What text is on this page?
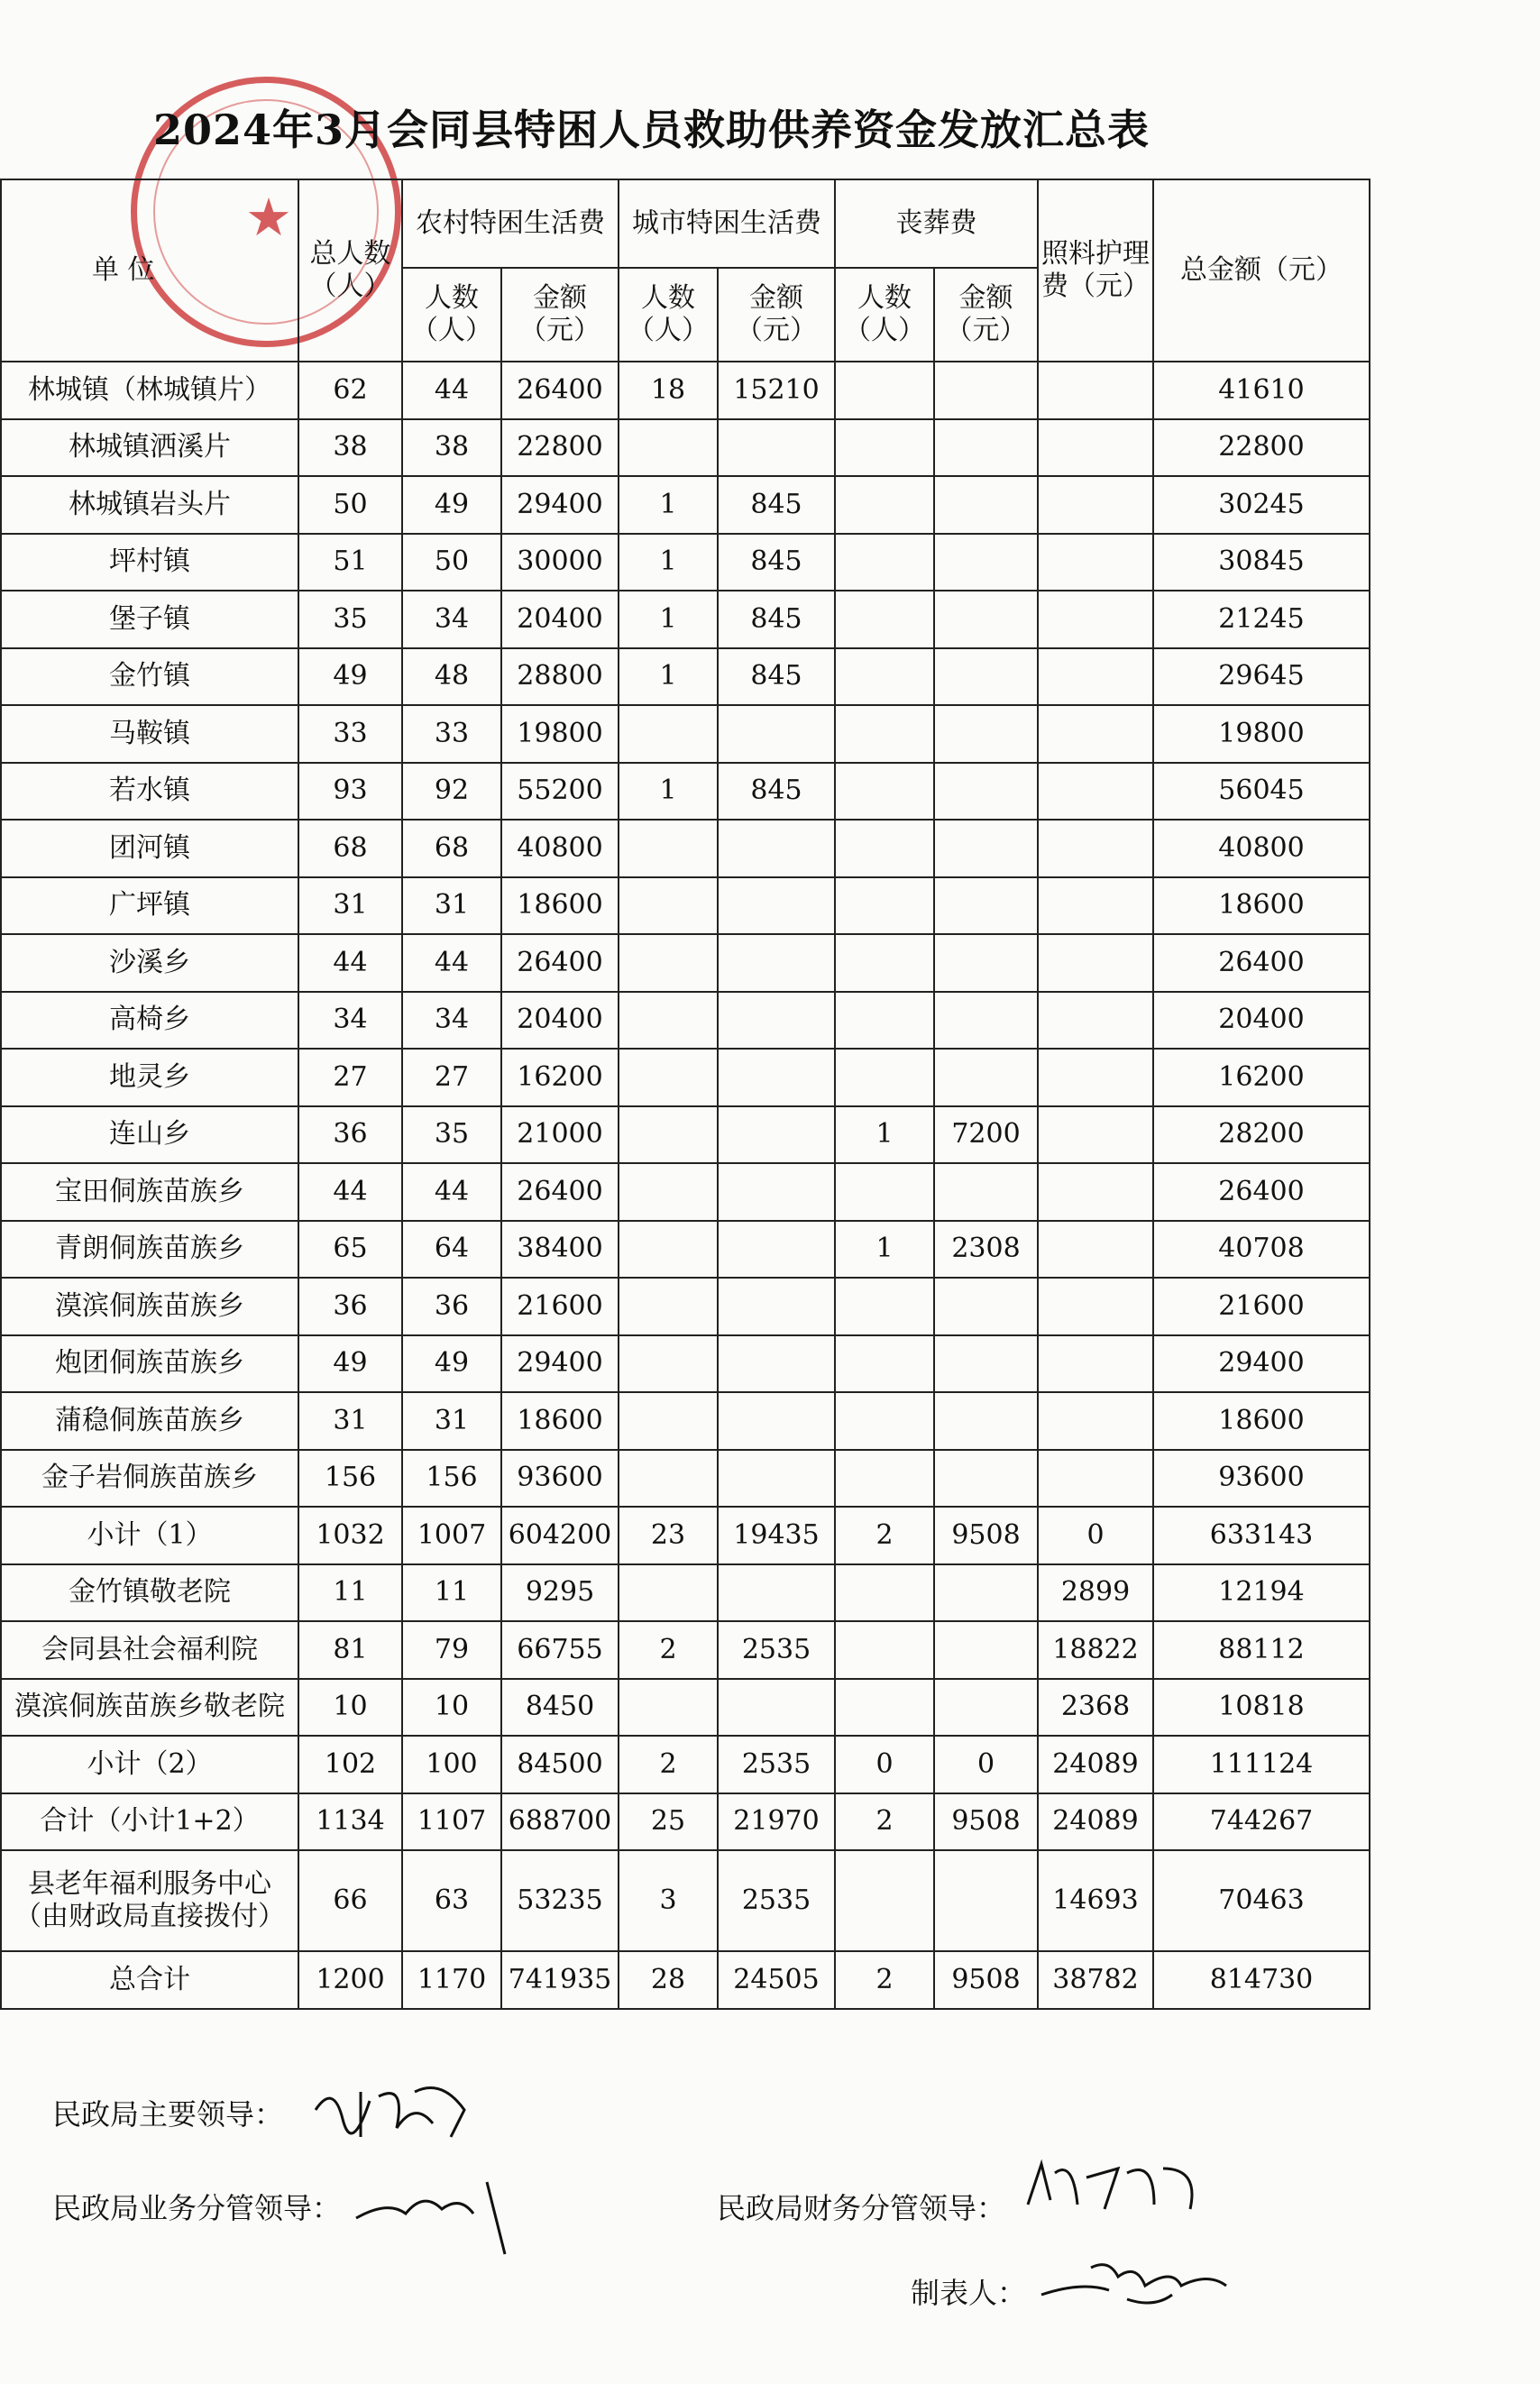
★
2024年3月会同县特困人员救助供养资金发放汇总表
单 位	总人数（人）	农村特困生活费		城市特困生活费		丧葬费		照料护理费（元）	总金额（元）
		人数（人）	金额（元）	人数（人）	金额（元）	人数（人）	金额（元）		
林城镇（林城镇片）	62	44	26400	18	15210				41610
林城镇洒溪片	38	38	22800						22800
林城镇岩头片	50	49	29400	1	845				30245
坪村镇	51	50	30000	1	845				30845
堡子镇	35	34	20400	1	845				21245
金竹镇	49	48	28800	1	845				29645
马鞍镇	33	33	19800						19800
若水镇	93	92	55200	1	845				56045
团河镇	68	68	40800						40800
广坪镇	31	31	18600						18600
沙溪乡	44	44	26400						26400
高椅乡	34	34	20400						20400
地灵乡	27	27	16200						16200
连山乡	36	35	21000			1	7200		28200
宝田侗族苗族乡	44	44	26400						26400
青朗侗族苗族乡	65	64	38400			1	2308		40708
漠滨侗族苗族乡	36	36	21600						21600
炮团侗族苗族乡	49	49	29400						29400
蒲稳侗族苗族乡	31	31	18600						18600
金子岩侗族苗族乡	156	156	93600						93600
小计（1）	1032	1007	604200	23	19435	2	9508	0	633143
金竹镇敬老院	11	11	9295					2899	12194
会同县社会福利院	81	79	66755	2	2535			18822	88112
漠滨侗族苗族乡敬老院	10	10	8450					2368	10818
小计（2）	102	100	84500	2	2535	0	0	24089	111124
合计（小计1+2）	1134	1107	688700	25	21970	2	9508	24089	744267
县老年福利服务中心（由财政局直接拨付）	66	63	53235	3	2535			14693	70463
总合计	1200	1170	741935	28	24505	2	9508	38782	814730
民政局主要领导：
民政局业务分管领导：	民政局财务分管领导：
制表人：
